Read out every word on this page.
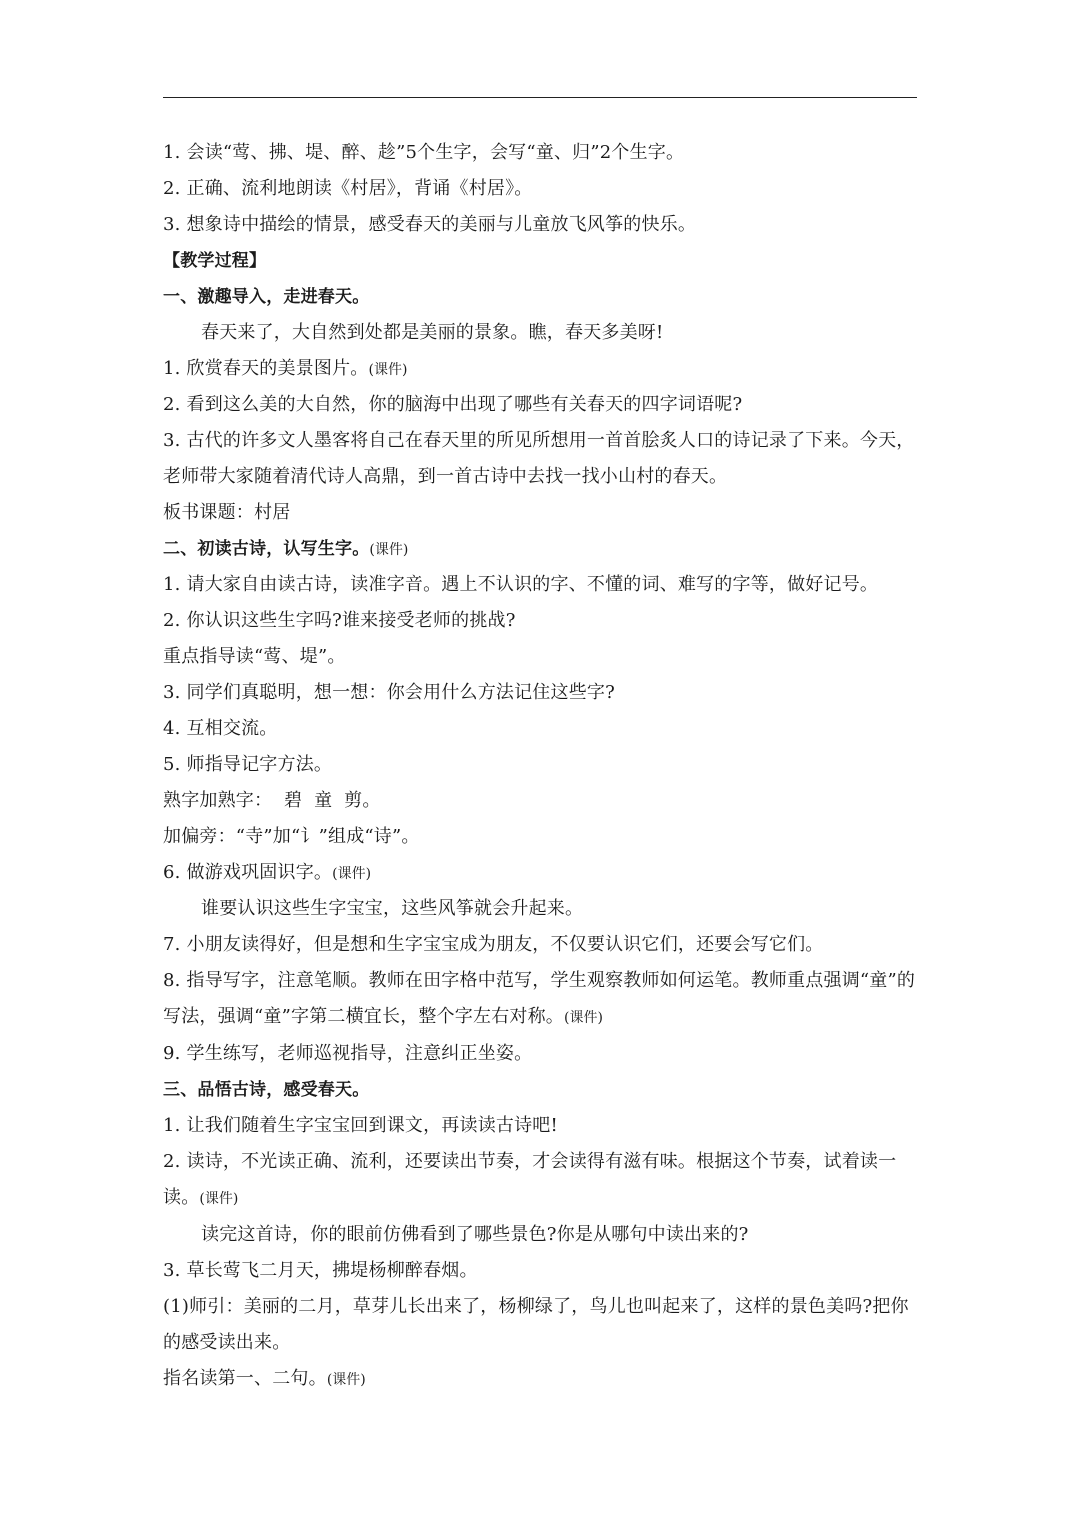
1. 会读“莺、拂、堤、醉、趁”5个生字，会写“童、归”2个生字。
2. 正确、流利地朗读《村居》，背诵《村居》。
3. 想象诗中描绘的情景，感受春天的美丽与儿童放飞风筝的快乐。
【教学过程】
一、激趣导入，走进春天。
春天来了，大自然到处都是美丽的景象。瞧，春天多美呀!
1. 欣赏春天的美景图片。(课件)
2. 看到这么美的大自然，你的脑海中出现了哪些有关春天的四字词语呢?
3. 古代的许多文人墨客将自己在春天里的所见所想用一首首脍炙人口的诗记录了下来。今天，老师带大家随着清代诗人高鼎，到一首古诗中去找一找小山村的春天。
板书课题：村居
二、初读古诗，认写生字。(课件)
1. 请大家自由读古诗，读准字音。遇上不认识的字、不懂的词、难写的字等，做好记号。
2. 你认识这些生字吗?谁来接受老师的挑战?
重点指导读“莺、堤”。
3. 同学们真聪明，想一想：你会用什么方法记住这些字?
4. 互相交流。
5. 师指导记字方法。
熟字加熟字：  碧  童  剪。
加偏旁：“寺”加“讠”组成“诗”。
6. 做游戏巩固识字。(课件)
谁要认识这些生字宝宝，这些风筝就会升起来。
7. 小朋友读得好，但是想和生字宝宝成为朋友，不仅要认识它们，还要会写它们。
8. 指导写字，注意笔顺。教师在田字格中范写，学生观察教师如何运笔。教师重点强调“童”的写法，强调“童”字第二横宜长，整个字左右对称。(课件)
9. 学生练写，老师巡视指导，注意纠正坐姿。
三、品悟古诗，感受春天。
1. 让我们随着生字宝宝回到课文，再读读古诗吧!
2. 读诗，不光读正确、流利，还要读出节奏，才会读得有滋有味。根据这个节奏，试着读一读。(课件)
读完这首诗，你的眼前仿佛看到了哪些景色?你是从哪句中读出来的?
3. 草长莺飞二月天，拂堤杨柳醉春烟。
(1)师引：美丽的二月，草芽儿长出来了，杨柳绿了，鸟儿也叫起来了，这样的景色美吗?把你的感受读出来。
指名读第一、二句。(课件)
